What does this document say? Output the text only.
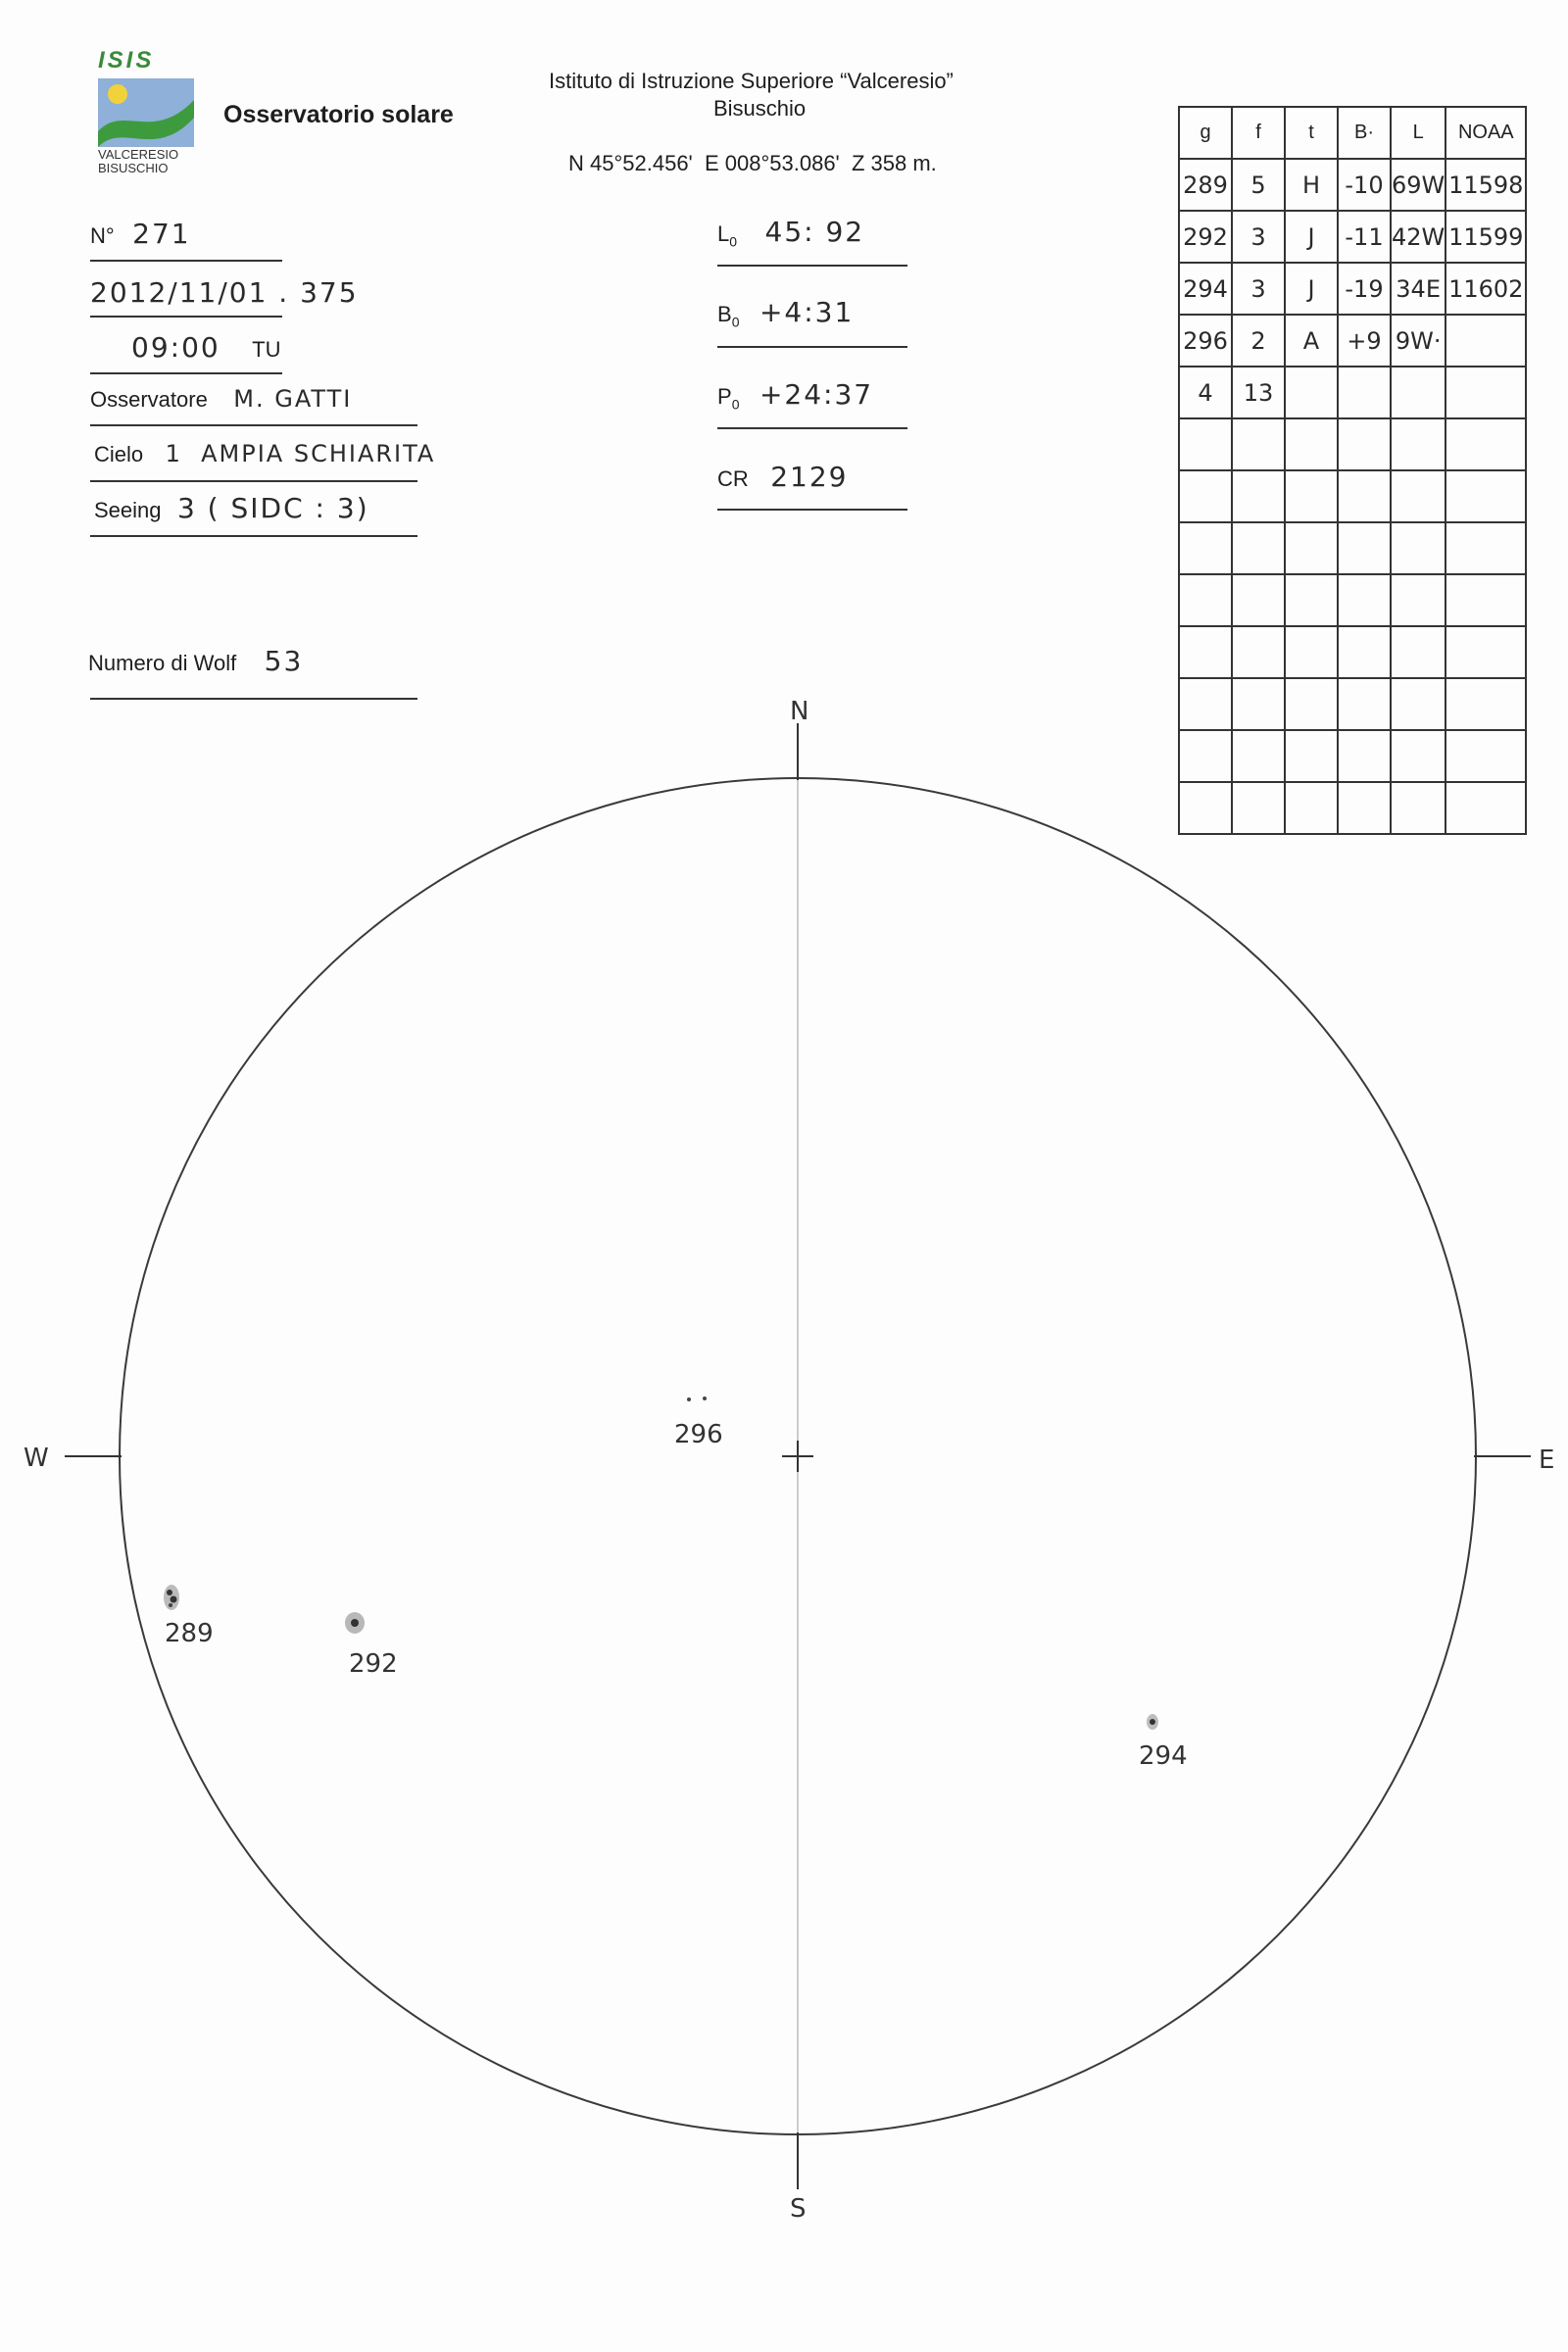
ISIS
VALCERESIO
BISUSCHIO
Osservatorio solare
Istituto di Istruzione Superiore “Valceresio”
Bisuschio
N 45°52.456'  E 008°53.086'  Z 358 m.
N° 271
2012/11/01 . 375
09:00 TU
Osservatore M. GATTI
Cielo 1  AMPIA SCHIARITA
Seeing 3 ( SIDC : 3)
Numero di Wolf 53
$L_0$ 45: 92
$B_0$ +4:31
$P_0$ +24:37
CR 2129
g	f	t	B·	L	NOAA
289	5	H	-10	69W	11598
292	3	J	-11	42W	11599
294	3	J	-19	34E	11602
296	2	A	+9	9W·	
4	13				

N
S
W	E
289
292
294
296
